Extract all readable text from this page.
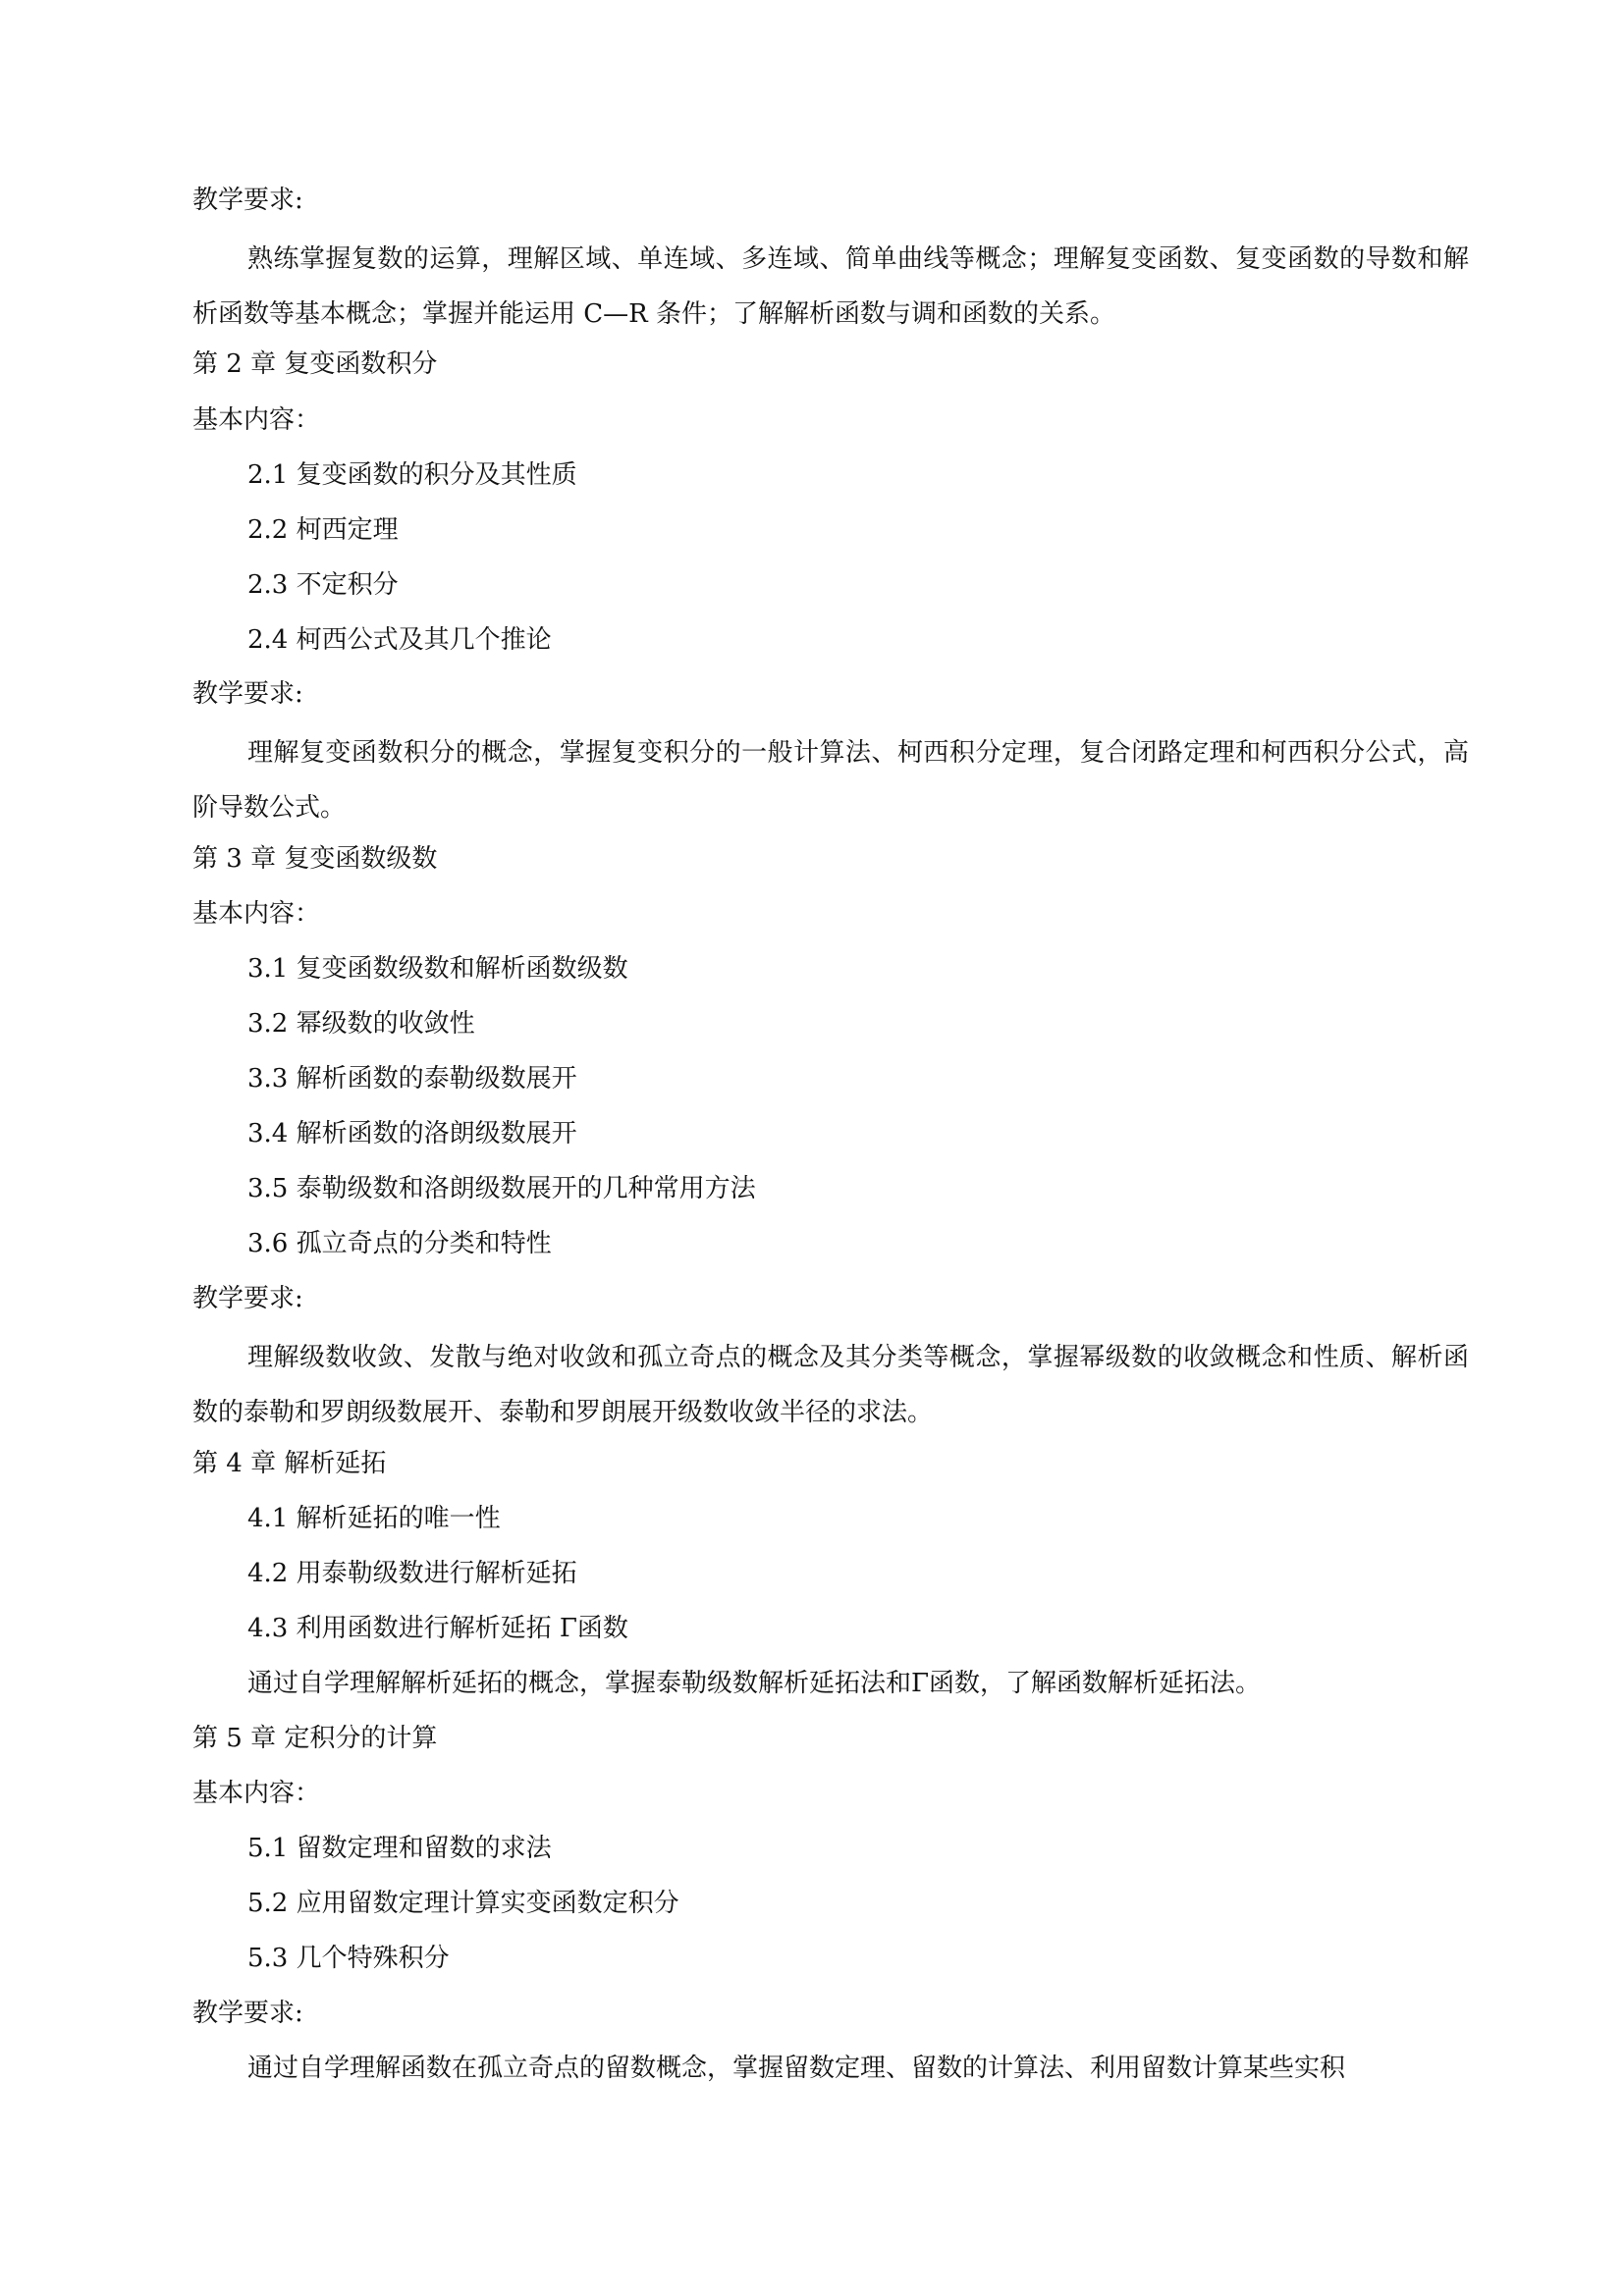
教学要求:
熟练掌握复数的运算，理解区域、单连域、多连域、简单曲线等概念；理解复变函数、复变函数的导数和解析函数等基本概念；掌握并能运用 C—R 条件；了解解析函数与调和函数的关系。
第 2 章 复变函数积分
基本内容：
2.1 复变函数的积分及其性质
2.2 柯西定理
2.3 不定积分
2.4 柯西公式及其几个推论
教学要求:
理解复变函数积分的概念，掌握复变积分的一般计算法、柯西积分定理，复合闭路定理和柯西积分公式，高阶导数公式。
第 3 章 复变函数级数
基本内容：
3.1 复变函数级数和解析函数级数
3.2 幂级数的收敛性
3.3 解析函数的泰勒级数展开
3.4 解析函数的洛朗级数展开
3.5 泰勒级数和洛朗级数展开的几种常用方法
3.6 孤立奇点的分类和特性
教学要求:
理解级数收敛、发散与绝对收敛和孤立奇点的概念及其分类等概念，掌握幂级数的收敛概念和性质、解析函数的泰勒和罗朗级数展开、泰勒和罗朗展开级数收敛半径的求法。
第 4 章 解析延拓
4.1 解析延拓的唯一性
4.2 用泰勒级数进行解析延拓
4.3 利用函数进行解析延拓 Γ函数
通过自学理解解析延拓的概念，掌握泰勒级数解析延拓法和Γ函数，了解函数解析延拓法。
第 5 章 定积分的计算
基本内容：
5.1 留数定理和留数的求法
5.2 应用留数定理计算实变函数定积分
5.3 几个特殊积分
教学要求:
通过自学理解函数在孤立奇点的留数概念，掌握留数定理、留数的计算法、利用留数计算某些实积
